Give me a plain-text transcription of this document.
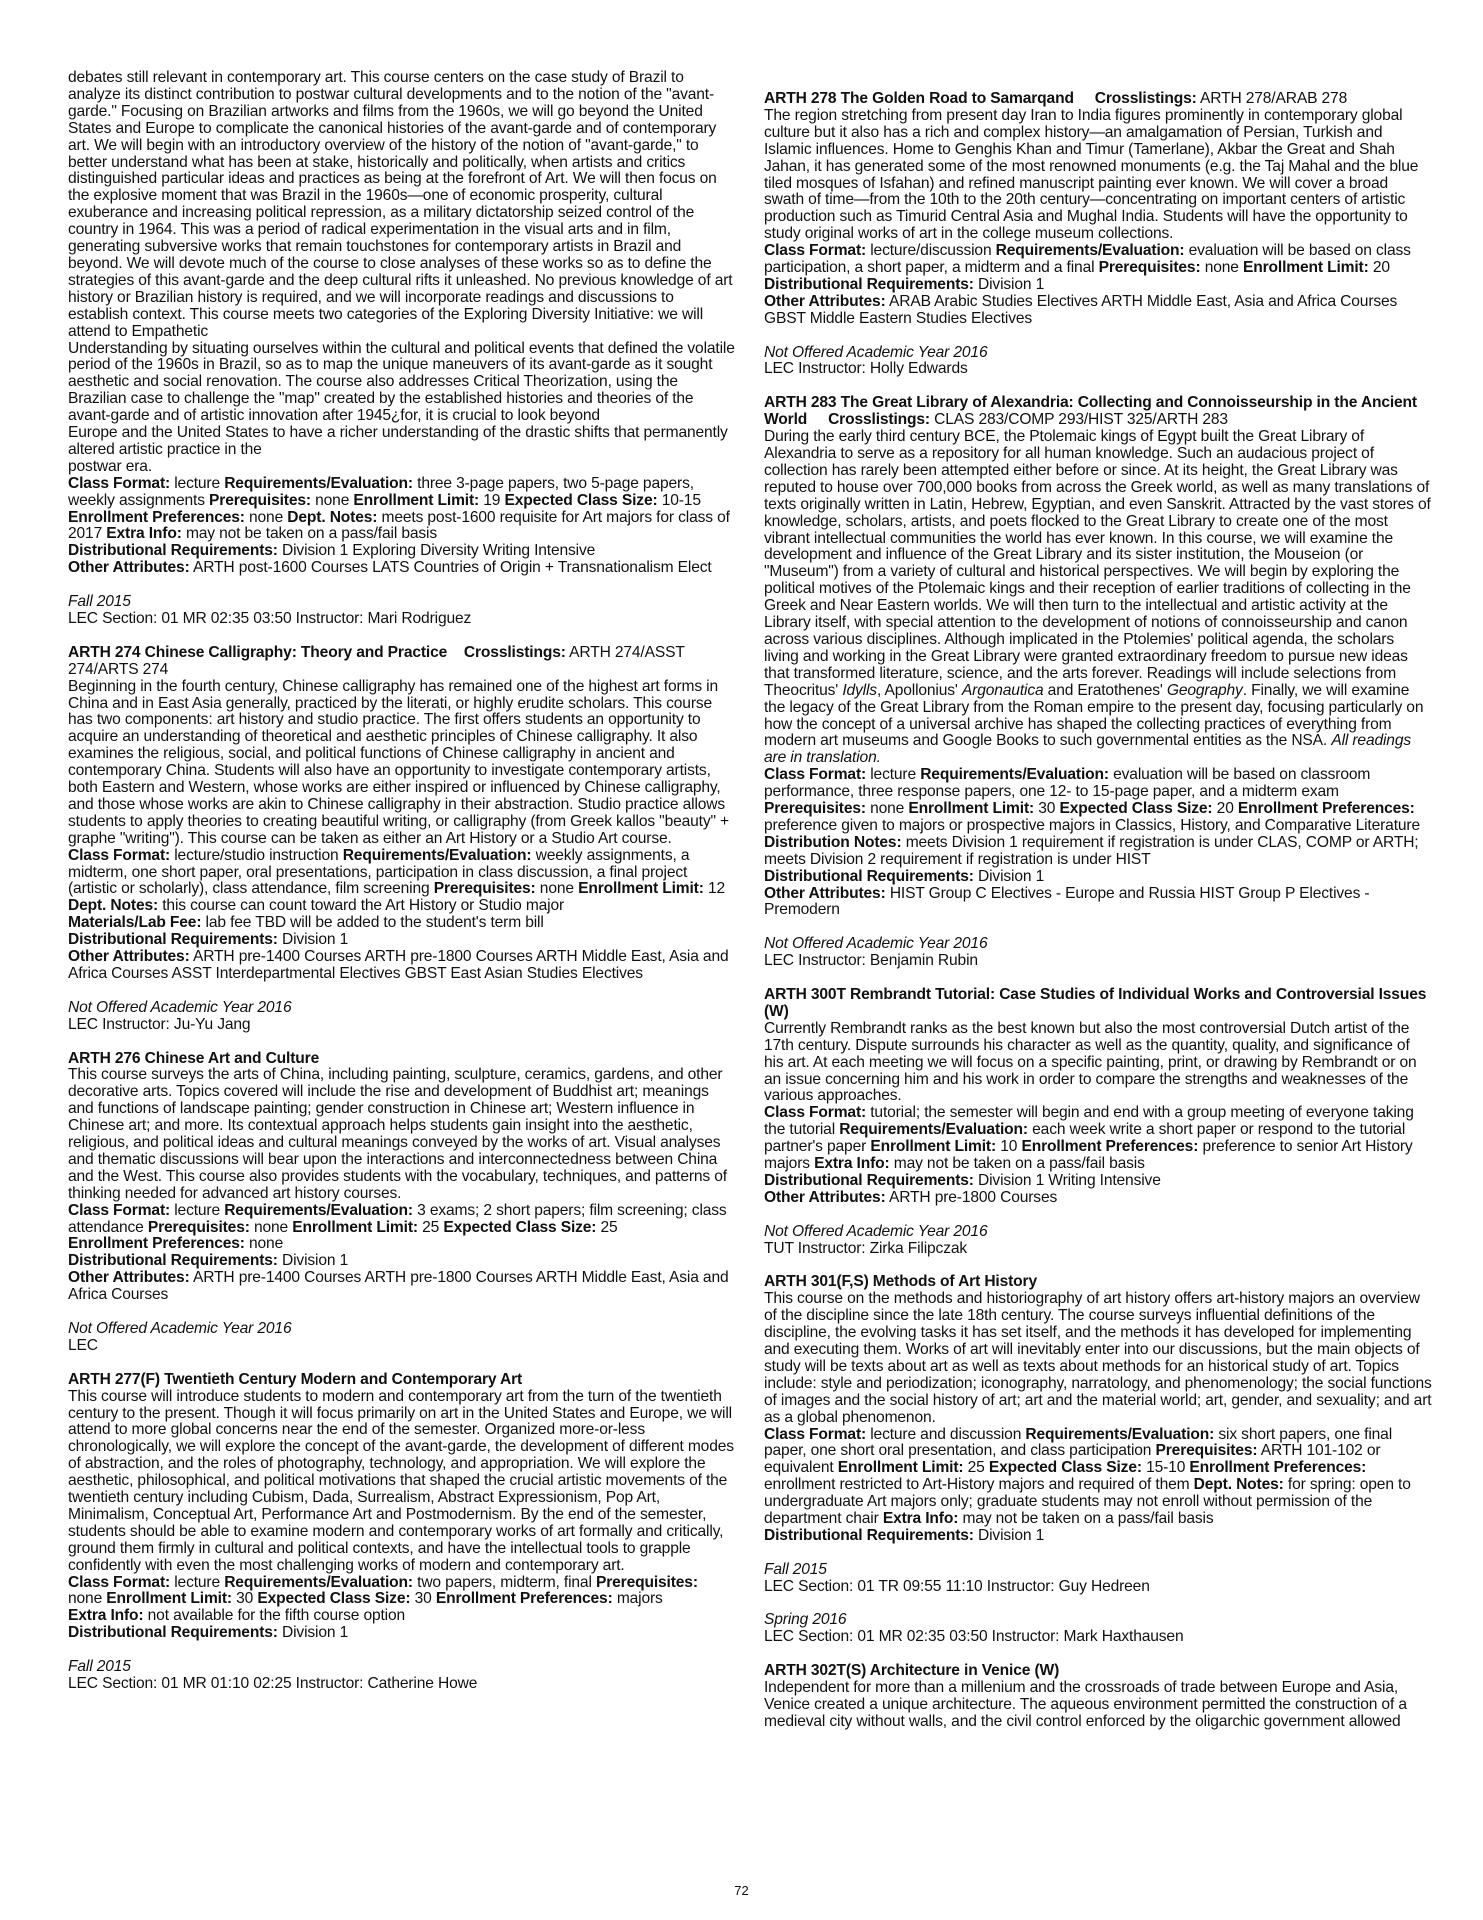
debates still relevant in contemporary art. This course centers on the case study of Brazil to analyze its distinct contribution to postwar cultural developments and to the notion of the "avant-garde." Focusing on Brazilian artworks and films from the 1960s, we will go beyond the United States and Europe to complicate the canonical histories of the avant-garde and of contemporary art. We will begin with an introductory overview of the history of the notion of "avant-garde," to better understand what has been at stake, historically and politically, when artists and critics distinguished particular ideas and practices as being at the forefront of Art. We will then focus on the explosive moment that was Brazil in the 1960s—one of economic prosperity, cultural exuberance and increasing political repression, as a military dictatorship seized control of the country in 1964. This was a period of radical experimentation in the visual arts and in film, generating subversive works that remain touchstones for contemporary artists in Brazil and beyond. We will devote much of the course to close analyses of these works so as to define the strategies of this avant-garde and the deep cultural rifts it unleashed. No previous knowledge of art history or Brazilian history is required, and we will incorporate readings and discussions to establish context. This course meets two categories of the Exploring Diversity Initiative: we will attend to Empathetic

Understanding by situating ourselves within the cultural and political events that defined the volatile period of the 1960s in Brazil, so as to map the unique maneuvers of its avant-garde as it sought aesthetic and social renovation. The course also addresses Critical Theorization, using the Brazilian case to challenge the "map" created by the established histories and theories of the avant-garde and of artistic innovation after 1945¿for, it is crucial to look beyond

Europe and the United States to have a richer understanding of the drastic shifts that permanently altered artistic practice in the

postwar era.

Class Format: lecture Requirements/Evaluation: three 3-page papers, two 5-page papers, weekly assignments Prerequisites: none Enrollment Limit: 19 Expected Class Size: 10-15 Enrollment Preferences: none Dept. Notes: meets post-1600 requisite for Art majors for class of 2017 Extra Info: may not be taken on a pass/fail basis

Distributional Requirements: Division 1 Exploring Diversity Writing Intensive

Other Attributes: ARTH post-1600 Courses LATS Countries of Origin + Transnationalism Elect

Fall 2015

LEC Section: 01 MR 02:35 03:50 Instructor: Mari Rodriguez

ARTH 274 Chinese Calligraphy: Theory and Practice Crosslistings: ARTH 274/ASST 274/ARTS 274

Beginning in the fourth century, Chinese calligraphy has remained one of the highest art forms in China and in East Asia generally, practiced by the literati, or highly erudite scholars. This course has two components: art history and studio practice. The first offers students an opportunity to acquire an understanding of theoretical and aesthetic principles of Chinese calligraphy. It also examines the religious, social, and political functions of Chinese calligraphy in ancient and contemporary China. Students will also have an opportunity to investigate contemporary artists, both Eastern and Western, whose works are either inspired or influenced by Chinese calligraphy, and those whose works are akin to Chinese calligraphy in their abstraction. Studio practice allows students to apply theories to creating beautiful writing, or calligraphy (from Greek kallos "beauty" + graphe "writing"). This course can be taken as either an Art History or a Studio Art course.

Class Format: lecture/studio instruction Requirements/Evaluation: weekly assignments, a midterm, one short paper, oral presentations, participation in class discussion, a final project (artistic or scholarly), class attendance, film screening Prerequisites: none Enrollment Limit: 12 Dept. Notes: this course can count toward the Art History or Studio major

Materials/Lab Fee: lab fee TBD will be added to the student's term bill

Distributional Requirements: Division 1

Other Attributes: ARTH pre-1400 Courses ARTH pre-1800 Courses ARTH Middle East, Asia and Africa Courses ASST Interdepartmental Electives GBST East Asian Studies Electives

Not Offered Academic Year 2016

LEC Instructor: Ju-Yu Jang

ARTH 276 Chinese Art and Culture

This course surveys the arts of China, including painting, sculpture, ceramics, gardens, and other decorative arts. Topics covered will include the rise and development of Buddhist art; meanings and functions of landscape painting; gender construction in Chinese art; Western influence in Chinese art; and more. Its contextual approach helps students gain insight into the aesthetic, religious, and political ideas and cultural meanings conveyed by the works of art. Visual analyses and thematic discussions will bear upon the interactions and interconnectedness between China and the West. This course also provides students with the vocabulary, techniques, and patterns of thinking needed for advanced art history courses.

Class Format: lecture Requirements/Evaluation: 3 exams; 2 short papers; film screening; class attendance Prerequisites: none Enrollment Limit: 25 Expected Class Size: 25

Enrollment Preferences: none

Distributional Requirements: Division 1

Other Attributes: ARTH pre-1400 Courses ARTH pre-1800 Courses ARTH Middle East, Asia and Africa Courses

Not Offered Academic Year 2016

LEC

ARTH 277(F) Twentieth Century Modern and Contemporary Art

This course will introduce students to modern and contemporary art from the turn of the twentieth century to the present. Though it will focus primarily on art in the United States and Europe, we will attend to more global concerns near the end of the semester. Organized more-or-less chronologically, we will explore the concept of the avant-garde, the development of different modes of abstraction, and the roles of photography, technology, and appropriation. We will explore the aesthetic, philosophical, and political motivations that shaped the crucial artistic movements of the twentieth century including Cubism, Dada, Surrealism, Abstract Expressionism, Pop Art, Minimalism, Conceptual Art, Performance Art and Postmodernism. By the end of the semester, students should be able to examine modern and contemporary works of art formally and critically, ground them firmly in cultural and political contexts, and have the intellectual tools to grapple confidently with even the most challenging works of modern and contemporary art.

Class Format: lecture Requirements/Evaluation: two papers, midterm, final Prerequisites: none Enrollment Limit: 30 Expected Class Size: 30 Enrollment Preferences: majors

Extra Info: not available for the fifth course option

Distributional Requirements: Division 1

Fall 2015

LEC Section: 01 MR 01:10 02:25 Instructor: Catherine Howe

ARTH 278 The Golden Road to Samarqand Crosslistings: ARTH 278/ARAB 278

The region stretching from present day Iran to India figures prominently in contemporary global culture but it also has a rich and complex history—an amalgamation of Persian, Turkish and Islamic influences. Home to Genghis Khan and Timur (Tamerlane), Akbar the Great and Shah Jahan, it has generated some of the most renowned monuments (e.g. the Taj Mahal and the blue tiled mosques of Isfahan) and refined manuscript painting ever known. We will cover a broad swath of time—from the 10th to the 20th century—concentrating on important centers of artistic production such as Timurid Central Asia and Mughal India. Students will have the opportunity to study original works of art in the college museum collections.

Class Format: lecture/discussion Requirements/Evaluation: evaluation will be based on class participation, a short paper, a midterm and a final Prerequisites: none Enrollment Limit: 20

Distributional Requirements: Division 1

Other Attributes: ARAB Arabic Studies Electives ARTH Middle East, Asia and Africa Courses GBST Middle Eastern Studies Electives

Not Offered Academic Year 2016

LEC Instructor: Holly Edwards

ARTH 283 The Great Library of Alexandria: Collecting and Connoisseurship in the Ancient World Crosslistings: CLAS 283/COMP 293/HIST 325/ARTH 283

During the early third century BCE, the Ptolemaic kings of Egypt built the Great Library of Alexandria to serve as a repository for all human knowledge. Such an audacious project of collection has rarely been attempted either before or since. At its height, the Great Library was reputed to house over 700,000 books from across the Greek world, as well as many translations of texts originally written in Latin, Hebrew, Egyptian, and even Sanskrit. Attracted by the vast stores of knowledge, scholars, artists, and poets flocked to the Great Library to create one of the most vibrant intellectual communities the world has ever known. In this course, we will examine the development and influence of the Great Library and its sister institution, the Mouseion (or "Museum") from a variety of cultural and historical perspectives. We will begin by exploring the political motives of the Ptolemaic kings and their reception of earlier traditions of collecting in the Greek and Near Eastern worlds. We will then turn to the intellectual and artistic activity at the Library itself, with special attention to the development of notions of connoisseurship and canon across various disciplines. Although implicated in the Ptolemies' political agenda, the scholars living and working in the Great Library were granted extraordinary freedom to pursue new ideas that transformed literature, science, and the arts forever. Readings will include selections from Theocritus' Idylls, Apollonius' Argonautica and Eratothenes' Geography. Finally, we will examine the legacy of the Great Library from the Roman empire to the present day, focusing particularly on how the concept of a universal archive has shaped the collecting practices of everything from modern art museums and Google Books to such governmental entities as the NSA. All readings are in translation.

Class Format: lecture Requirements/Evaluation: evaluation will be based on classroom performance, three response papers, one 12- to 15-page paper, and a midterm exam Prerequisites: none Enrollment Limit: 30 Expected Class Size: 20 Enrollment Preferences: preference given to majors or prospective majors in Classics, History, and Comparative Literature Distribution Notes: meets Division 1 requirement if registration is under CLAS, COMP or ARTH; meets Division 2 requirement if registration is under HIST

Distributional Requirements: Division 1

Other Attributes: HIST Group C Electives - Europe and Russia HIST Group P Electives - Premodern

Not Offered Academic Year 2016

LEC Instructor: Benjamin Rubin

ARTH 300T Rembrandt Tutorial: Case Studies of Individual Works and Controversial Issues (W)

Currently Rembrandt ranks as the best known but also the most controversial Dutch artist of the 17th century. Dispute surrounds his character as well as the quantity, quality, and significance of his art. At each meeting we will focus on a specific painting, print, or drawing by Rembrandt or on an issue concerning him and his work in order to compare the strengths and weaknesses of the various approaches.

Class Format: tutorial; the semester will begin and end with a group meeting of everyone taking the tutorial Requirements/Evaluation: each week write a short paper or respond to the tutorial partner's paper Enrollment Limit: 10 Enrollment Preferences: preference to senior Art History majors Extra Info: may not be taken on a pass/fail basis

Distributional Requirements: Division 1 Writing Intensive

Other Attributes: ARTH pre-1800 Courses

Not Offered Academic Year 2016

TUT Instructor: Zirka Filipczak

ARTH 301(F,S) Methods of Art History

This course on the methods and historiography of art history offers art-history majors an overview of the discipline since the late 18th century. The course surveys influential definitions of the discipline, the evolving tasks it has set itself, and the methods it has developed for implementing and executing them. Works of art will inevitably enter into our discussions, but the main objects of study will be texts about art as well as texts about methods for an historical study of art. Topics include: style and periodization; iconography, narratology, and phenomenology; the social functions of images and the social history of art; art and the material world; art, gender, and sexuality; and art as a global phenomenon.

Class Format: lecture and discussion Requirements/Evaluation: six short papers, one final paper, one short oral presentation, and class participation Prerequisites: ARTH 101-102 or equivalent Enrollment Limit: 25 Expected Class Size: 15-10 Enrollment Preferences: enrollment restricted to Art-History majors and required of them Dept. Notes: for spring: open to undergraduate Art majors only; graduate students may not enroll without permission of the department chair Extra Info: may not be taken on a pass/fail basis

Distributional Requirements: Division 1

Fall 2015

LEC Section: 01 TR 09:55 11:10 Instructor: Guy Hedreen

Spring 2016

LEC Section: 01 MR 02:35 03:50 Instructor: Mark Haxthausen

ARTH 302T(S) Architecture in Venice (W)

Independent for more than a millenium and the crossroads of trade between Europe and Asia, Venice created a unique architecture. The aqueous environment permitted the construction of a medieval city without walls, and the civil control enforced by the oligarchic government allowed

72
